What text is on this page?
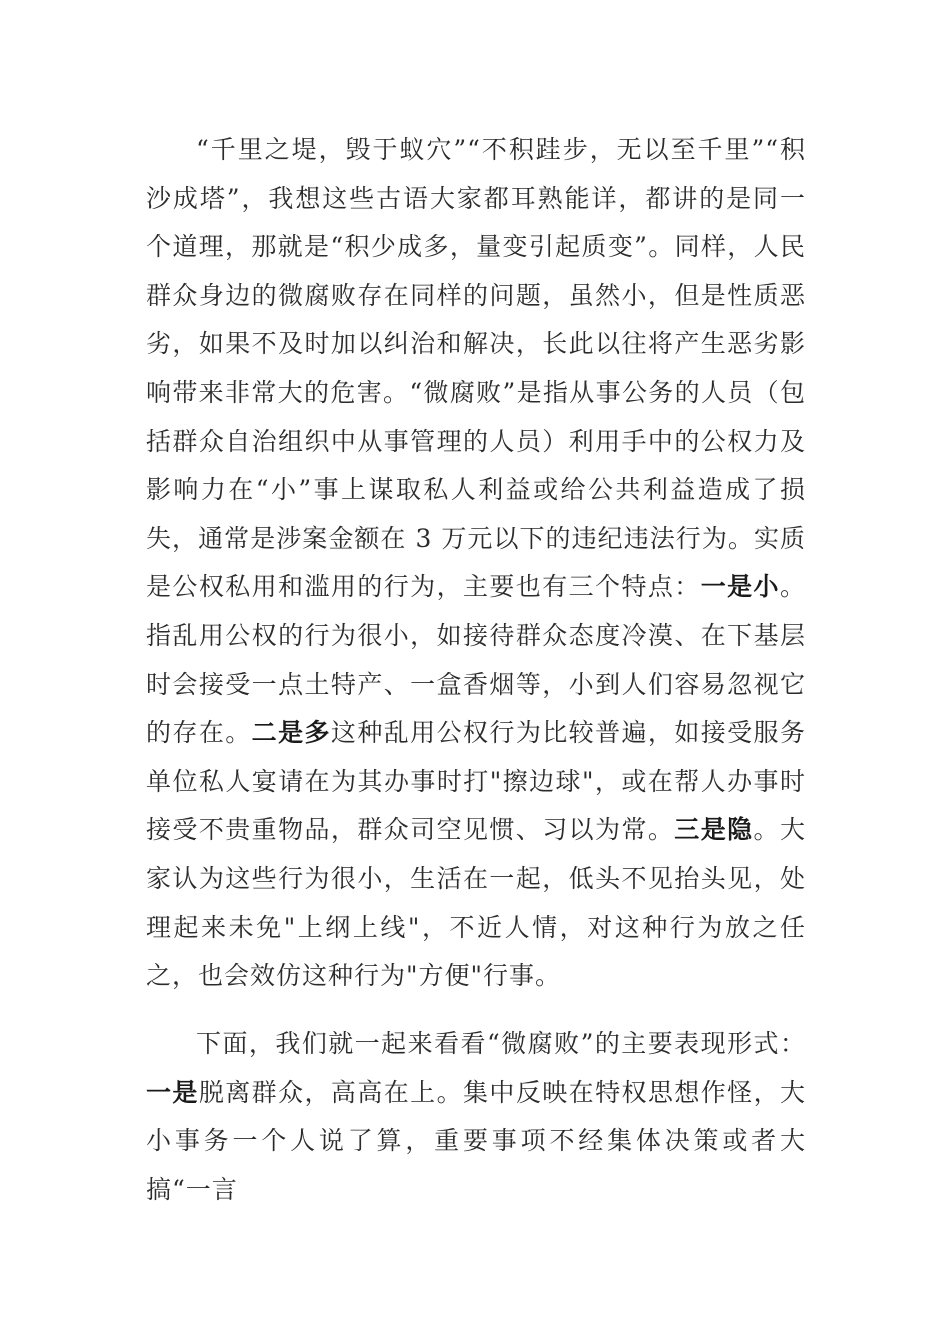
“千里之堤，毁于蚁穴”“不积跬步，无以至千里”“积沙成塔”，我想这些古语大家都耳熟能详，都讲的是同一个道理，那就是“积少成多，量变引起质变”。同样，人民群众身边的微腐败存在同样的问题，虽然小，但是性质恶劣，如果不及时加以纠治和解决，长此以往将产生恶劣影响带来非常大的危害。“微腐败”是指从事公务的人员（包括群众自治组织中从事管理的人员）利用手中的公权力及影响力在“小”事上谋取私人利益或给公共利益造成了损失，通常是涉案金额在 3 万元以下的违纪违法行为。实质是公权私用和滥用的行为，主要也有三个特点：一是小。指乱用公权的行为很小，如接待群众态度冷漠、在下基层时会接受一点土特产、一盒香烟等，小到人们容易忽视它的存在。二是多这种乱用公权行为比较普遍，如接受服务单位私人宴请在为其办事时打"擦边球"，或在帮人办事时接受不贵重物品，群众司空见惯、习以为常。三是隐。大家认为这些行为很小，生活在一起，低头不见抬头见，处理起来未免"上纲上线"，不近人情，对这种行为放之任之，也会效仿这种行为"方便"行事。

下面，我们就一起来看看“微腐败”的主要表现形式：一是脱离群众，高高在上。集中反映在特权思想作怪，大小事务一个人说了算，重要事项不经集体决策或者大搞“一言
